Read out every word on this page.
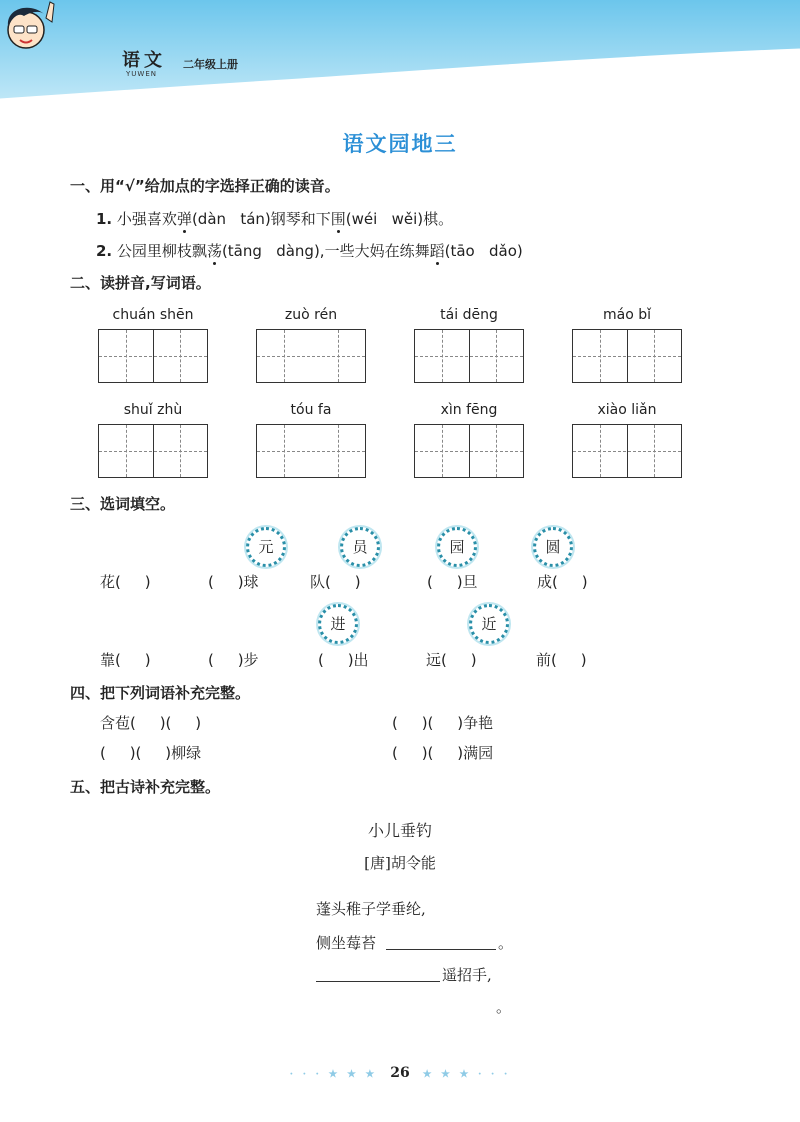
语文
YUWEN
二年级上册
语文园地三
一、用“√”给加点的字选择正确的读音。
1. 小强喜欢弹(dàn   tán)钢琴和下围(wéi   wěi)棋。
2. 公园里柳枝飘荡(tāng   dàng),一些大妈在练舞蹈(tāo   dǎo)
二、读拼音,写词语。
chuán shēn	zuò rén	tái dēng	máo bǐ
shuǐ zhù	tóu fa	xìn fēng	xiào liǎn
三、选词填空。
元	员	园	圆
花(     )	(     )球	队(     )	(     )旦	成(     )
进	近
靠(     )	(     )步	(     )出	远(     )	前(     )
四、把下列词语补充完整。
含苞(     )(     )	(     )(     )争艳
(     )(     )柳绿	(     )(     )满园
五、把古诗补充完整。
小儿垂钓
[唐]胡令能
蓬头稚子学垂纶,
侧坐莓苔	。
遥招手,
。
· · · ★ ★ ★ 26 ★ ★ ★ · · ·
